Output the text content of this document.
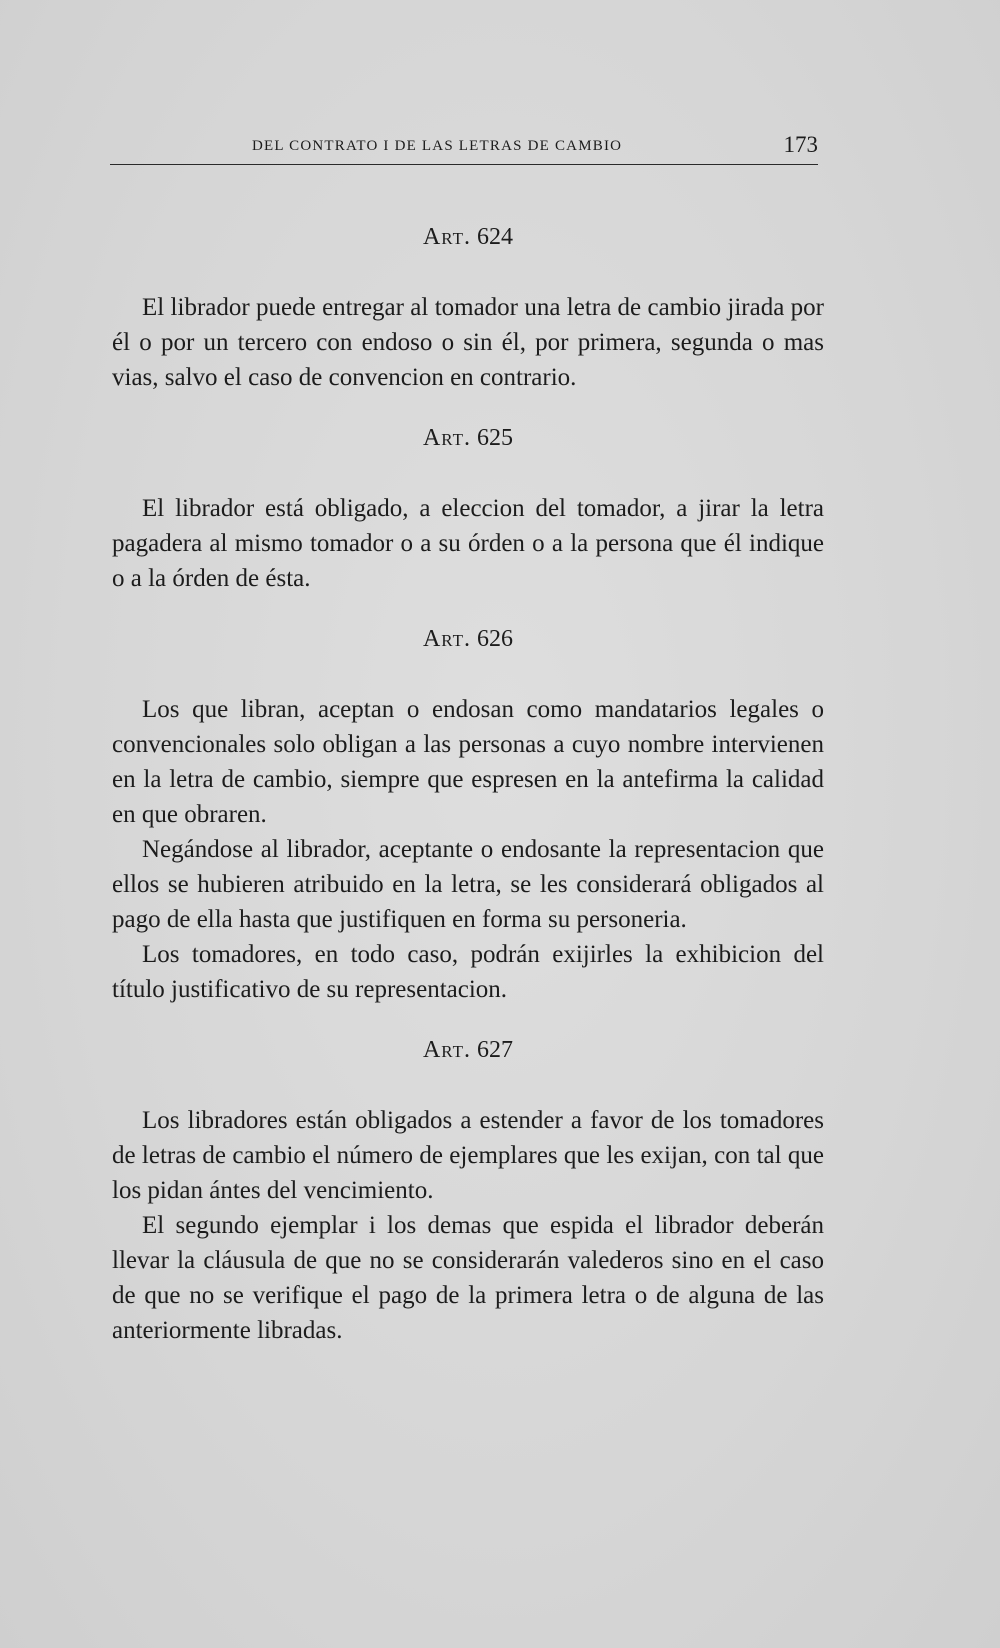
DEL CONTRATO I DE LAS LETRAS DE CAMBIO	173
Art. 624

El librador puede entregar al tomador una letra de cambio jirada por él o por un tercero con endoso o sin él, por primera, segunda o mas vias, salvo el caso de convencion en contrario.

Art. 625

El librador está obligado, a eleccion del tomador, a jirar la letra pagadera al mismo tomador o a su órden o a la persona que él indique o a la órden de ésta.

Art. 626

Los que libran, aceptan o endosan como mandatarios legales o convencionales solo obligan a las personas a cuyo nombre intervienen en la letra de cambio, siempre que espresen en la antefirma la calidad en que obraren.

Negándose al librador, aceptante o endosante la representacion que ellos se hubieren atribuido en la letra, se les considerará obligados al pago de ella hasta que justifiquen en forma su personeria.

Los tomadores, en todo caso, podrán exijirles la exhibicion del título justificativo de su representacion.

Art. 627

Los libradores están obligados a estender a favor de los tomadores de letras de cambio el número de ejemplares que les exijan, con tal que los pidan ántes del vencimiento.

El segundo ejemplar i los demas que espida el librador deberán llevar la cláusula de que no se considerarán valederos sino en el caso de que no se verifique el pago de la primera letra o de alguna de las anteriormente libradas.
